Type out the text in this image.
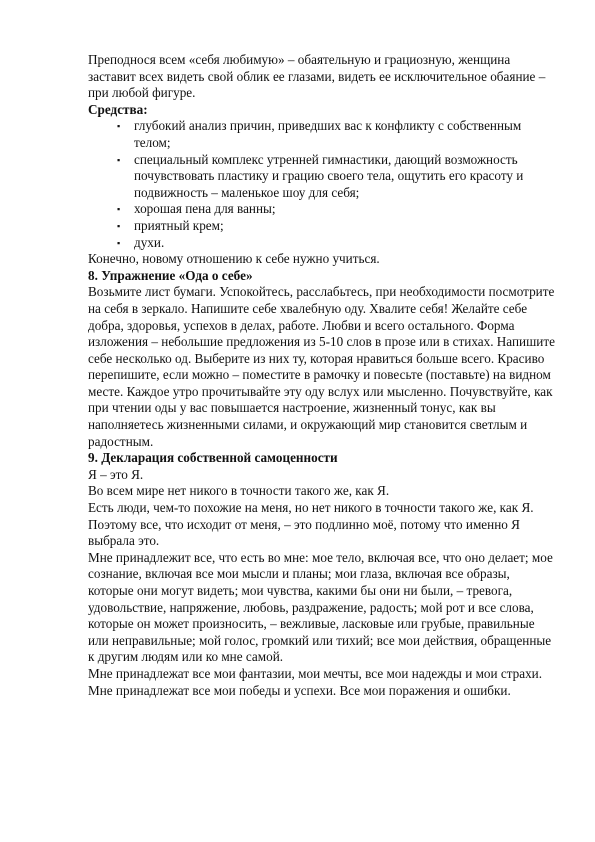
Преподнося всем «себя любимую» – обаятельную и грациозную, женщина заставит всех видеть свой облик ее глазами, видеть ее исключительное обаяние – при любой фигуре.

Средства:

▪ глубокий анализ причин, приведших вас к конфликту с собственным телом;
▪ специальный комплекс утренней гимнастики, дающий возможность почувствовать пластику и грацию своего тела, ощутить его красоту и подвижность – маленькое шоу для себя;
▪ хорошая пена для ванны;
▪ приятный крем;
▪ духи.

Конечно, новому отношению к себе нужно учиться.

8. Упражнение «Ода о себе»

Возьмите лист бумаги. Успокойтесь, расслабьтесь, при необходимости посмотрите на себя в зеркало. Напишите себе хвалебную оду. Хвалите себя! Желайте себе добра, здоровья, успехов в делах, работе. Любви и всего остального. Форма изложения – небольшие предложения из 5-10 слов в прозе или в стихах. Напишите себе несколько од. Выберите из них ту, которая нравиться больше всего. Красиво перепишите, если можно – поместите в рамочку и повесьте (поставьте) на видном месте. Каждое утро прочитывайте эту оду вслух или мысленно. Почувствуйте, как при чтении оды у вас повышается настроение, жизненный тонус, как вы наполняетесь жизненными силами, и окружающий мир становится светлым и радостным.

9. Декларация собственной самоценности

Я – это Я.

Во всем мире нет никого в точности такого же, как Я.

Есть люди, чем-то похожие на меня, но нет никого в точности такого же, как Я.

Поэтому все, что исходит от меня, – это подлинно моё, потому что именно Я выбрала это.

Мне принадлежит все, что есть во мне: мое тело, включая все, что оно делает; мое сознание, включая все мои мысли и планы; мои глаза, включая все образы, которые они могут видеть; мои чувства, какими бы они ни были, – тревога, удовольствие, напряжение, любовь, раздражение, радость; мой рот и все слова, которые он может произносить, – вежливые, ласковые или грубые, правильные или неправильные; мой голос, громкий или тихий; все мои действия, обращенные к другим людям или ко мне самой.

Мне принадлежат все мои фантазии, мои мечты, все мои надежды и мои страхи.

Мне принадлежат все мои победы и успехи. Все мои поражения и ошибки.
